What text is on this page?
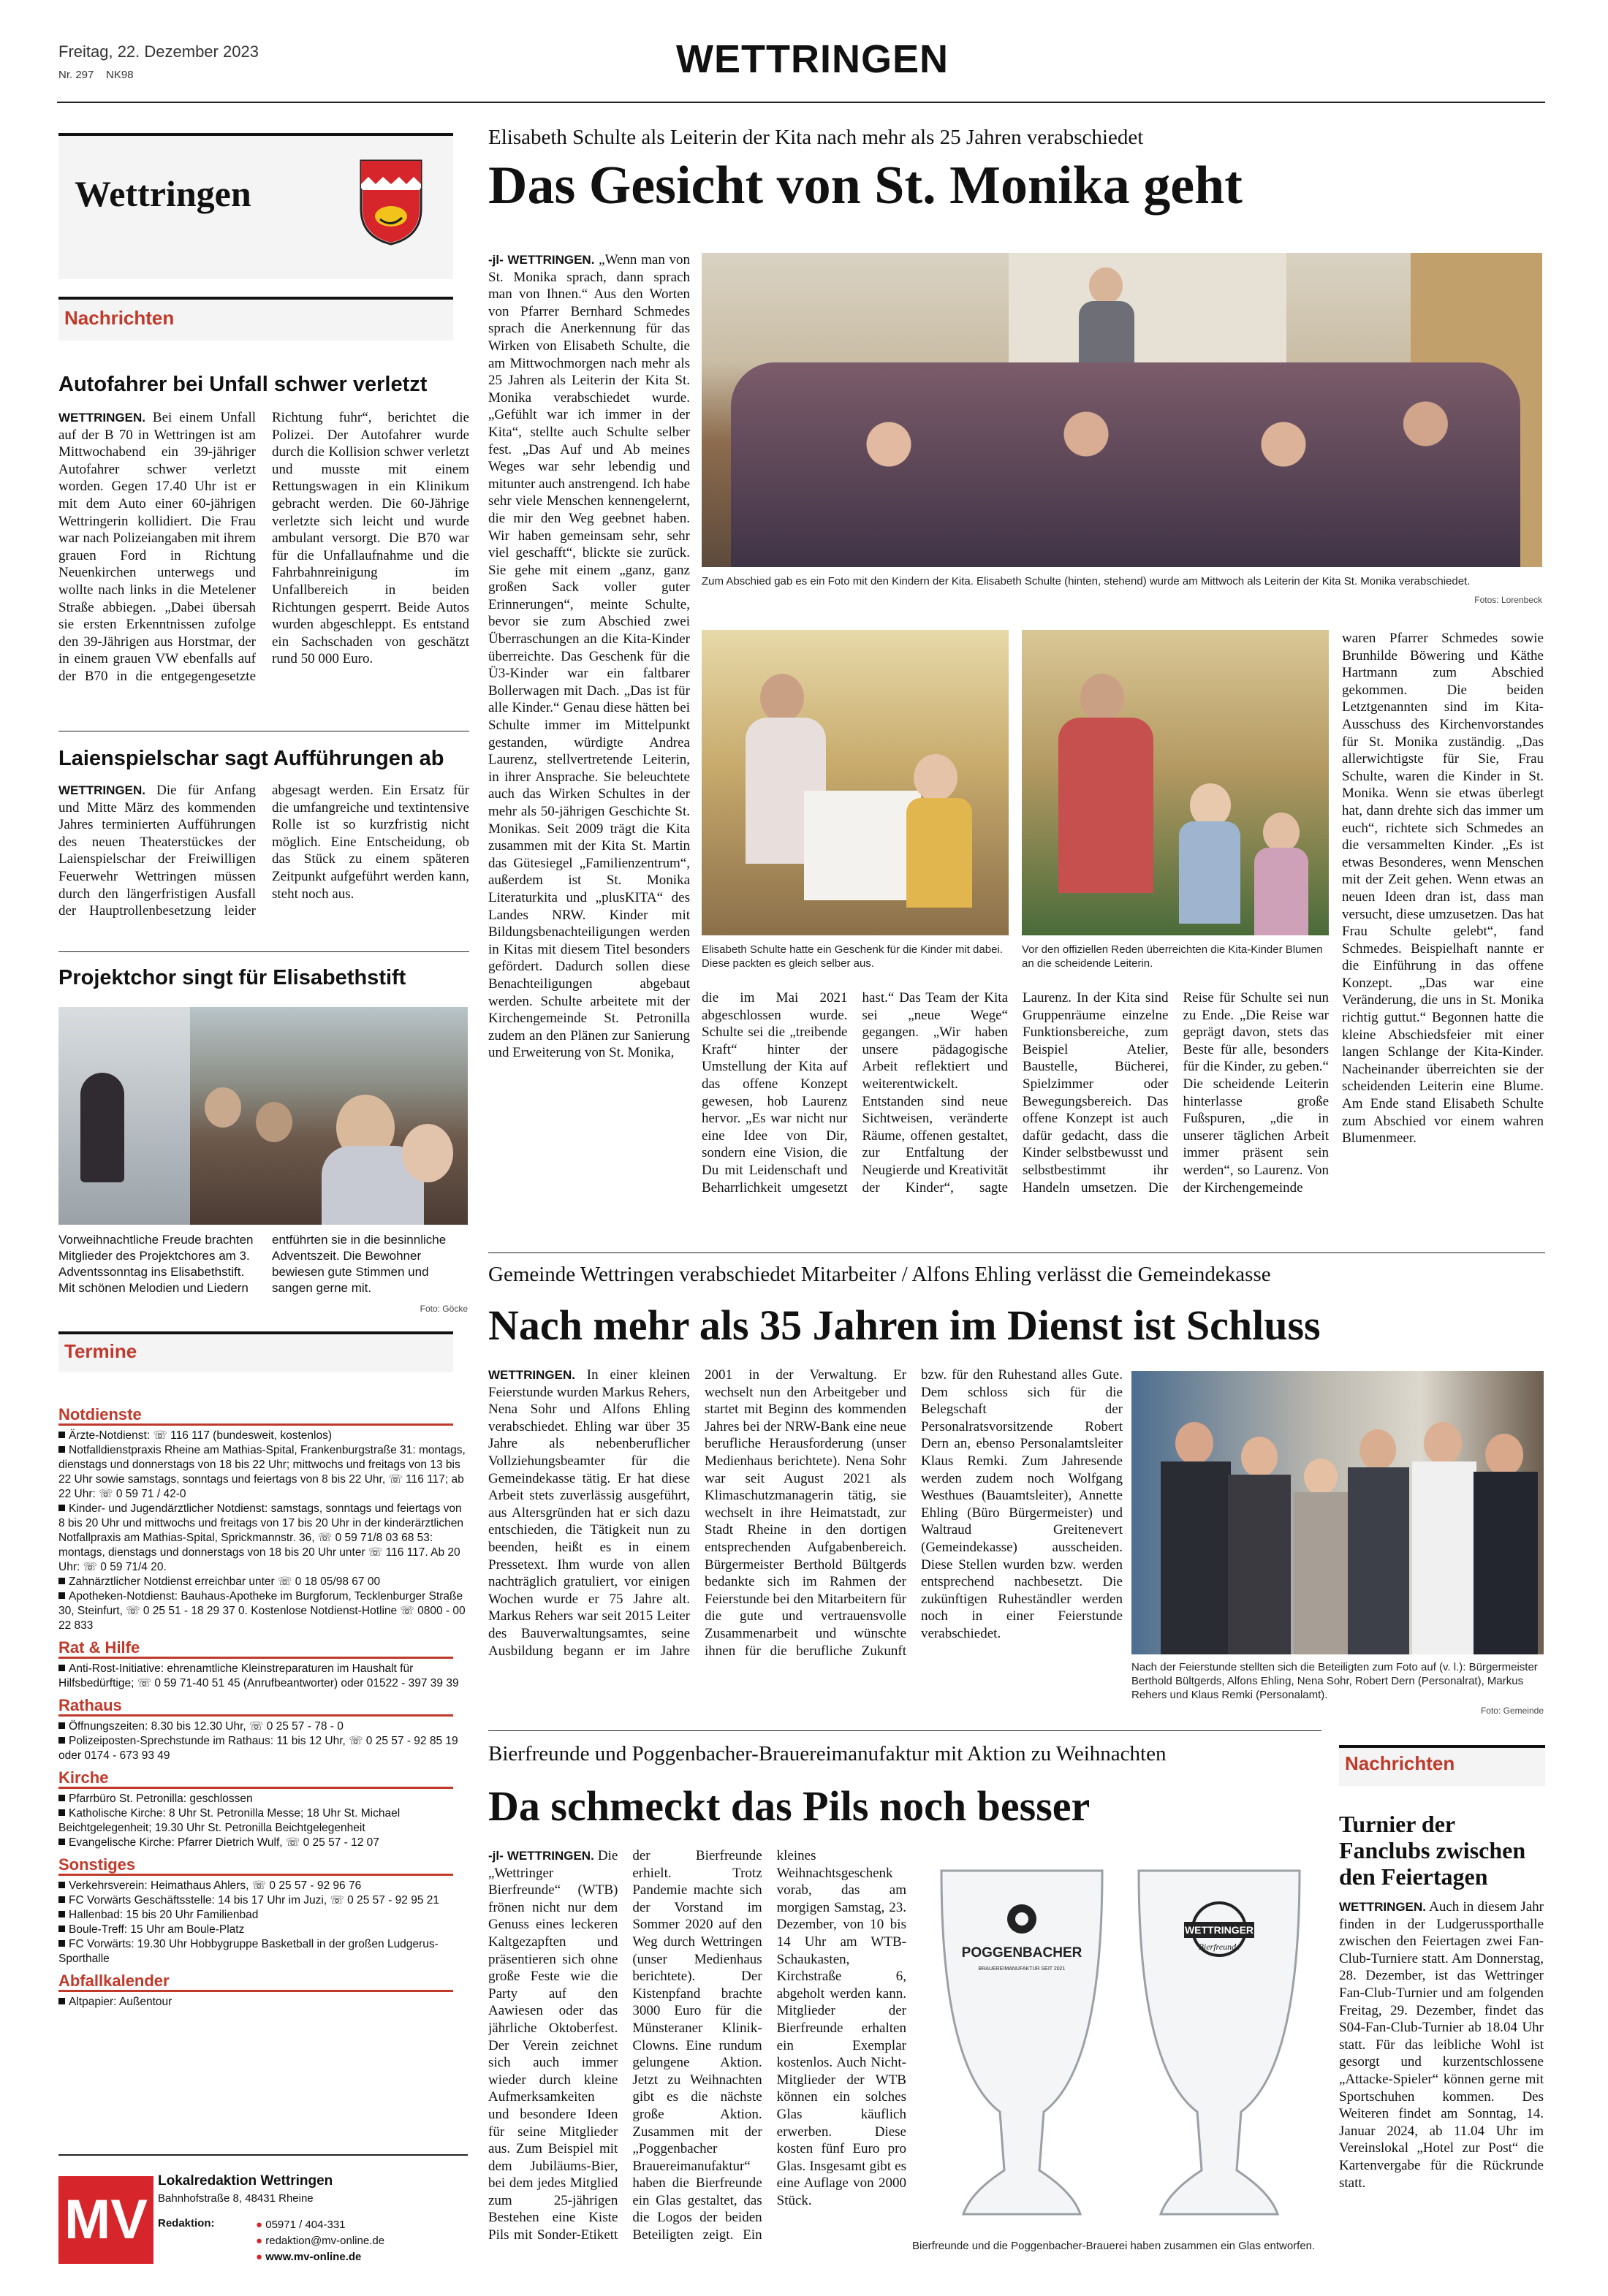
Freitag, 22. Dezember 2023
Nr. 297 NK98	WETTRINGEN
Wettringen
Nachrichten
Autofahrer bei Unfall schwer verletzt
WETTRINGEN. Bei einem Unfall auf der B 70 in Wettringen ist am Mittwochabend ein 39-jähriger Autofahrer schwer verletzt worden. Gegen 17.40 Uhr ist er mit dem Auto einer 60-jährigen Wettringerin kollidiert. Die Frau war nach Polizeiangaben mit ihrem grauen Ford in Richtung Neuenkirchen unterwegs und wollte nach links in die Metelener Straße abbiegen. „Dabei übersah sie ersten Erkenntnissen zufolge den 39-Jährigen aus Horstmar, der in einem grauen VW ebenfalls auf der B70 in die entgegengesetzte Richtung fuhr“, berichtet die Polizei. Der Autofahrer wurde durch die Kollision schwer verletzt und musste mit einem Rettungswagen in ein Klinikum gebracht werden. Die 60-Jährige verletzte sich leicht und wurde ambulant versorgt. Die B70 war für die Unfallaufnahme und die Fahrbahnreinigung im Unfallbereich in beiden Richtungen gesperrt. Beide Autos wurden abgeschleppt. Es entstand ein Sachschaden von geschätzt rund 50 000 Euro.
Laienspielschar sagt Aufführungen ab
WETTRINGEN. Die für Anfang und Mitte März des kommenden Jahres terminierten Aufführungen des neuen Theaterstückes der Laienspielschar der Freiwilligen Feuerwehr Wettringen müssen durch den längerfristigen Ausfall der Hauptrollenbesetzung leider abgesagt werden. Ein Ersatz für die umfangreiche und textintensive Rolle ist so kurzfristig nicht möglich. Eine Entscheidung, ob das Stück zu einem späteren Zeitpunkt aufgeführt werden kann, steht noch aus.
Projektchor singt für Elisabethstift
Vorweihnachtliche Freude brachten Mitglieder des Projektchores am 3. Adventssonntag ins Elisabethstift. Mit schönen Melodien und Liedern entführten sie in die besinnliche Adventszeit. Die Bewohner bewiesen gute Stimmen und sangen gerne mit.
Foto: Göcke
Termine
Notdienste
Ärzte-Notdienst: ☏ 116 117 (bundesweit, kostenlos)
Notfalldienstpraxis Rheine am Mathias-Spital, Frankenburgstraße 31: montags, dienstags und donnerstags von 18 bis 22 Uhr; mittwochs und freitags von 13 bis 22 Uhr sowie samstags, sonntags und feiertags von 8 bis 22 Uhr, ☏ 116 117; ab 22 Uhr: ☏ 0 59 71 / 42-0
Kinder- und Jugendärztlicher Notdienst: samstags, sonntags und feiertags von 8 bis 20 Uhr und mittwochs und freitags von 17 bis 20 Uhr in der kinderärztlichen Notfallpraxis am Mathias-Spital, Sprickmannstr. 36, ☏ 0 59 71/8 03 68 53: montags, dienstags und donnerstags von 18 bis 20 Uhr unter ☏ 116 117. Ab 20 Uhr: ☏ 0 59 71/4 20.
Zahnärztlicher Notdienst erreichbar unter ☏ 0 18 05/98 67 00
Apotheken-Notdienst: Bauhaus-Apotheke im Burgforum, Tecklenburger Straße 30, Steinfurt, ☏ 0 25 51 - 18 29 37 0. Kostenlose Notdienst-Hotline ☏ 0800 - 00 22 833
Rat & Hilfe
Anti-Rost-Initiative: ehrenamtliche Kleinstreparaturen im Haushalt für Hilfsbedürftige; ☏ 0 59 71-40 51 45 (Anrufbeantworter) oder 01522 - 397 39 39
Rathaus
Öffnungszeiten: 8.30 bis 12.30 Uhr, ☏ 0 25 57 - 78 - 0
Polizeiposten-Sprechstunde im Rathaus: 11 bis 12 Uhr, ☏ 0 25 57 - 92 85 19 oder 0174 - 673 93 49
Kirche
Pfarrbüro St. Petronilla: geschlossen
Katholische Kirche: 8 Uhr St. Petronilla Messe; 18 Uhr St. Michael Beichtgelegenheit; 19.30 Uhr St. Petronilla Beichtgelegenheit
Evangelische Kirche: Pfarrer Dietrich Wulf, ☏ 0 25 57 - 12 07
Sonstiges
Verkehrsverein: Heimathaus Ahlers, ☏ 0 25 57 - 92 96 76
FC Vorwärts Geschäftsstelle: 14 bis 17 Uhr im Juzi, ☏ 0 25 57 - 92 95 21
Hallenbad: 15 bis 20 Uhr Familienbad
Boule-Treff: 15 Uhr am Boule-Platz
FC Vorwärts: 19.30 Uhr Hobbygruppe Basketball in der großen Ludgerus-Sporthalle
Abfallkalender
Altpapier: Außentour
MV
Lokalredaktion Wettringen
Bahnhofstraße 8, 48431 Rheine
Redaktion:	● 05971 / 404-331
● redaktion@mv-online.de
● www.mv-online.de
Elisabeth Schulte als Leiterin der Kita nach mehr als 25 Jahren verabschiedet
Das Gesicht von St. Monika geht
-jl- WETTRINGEN. „Wenn man von St. Monika sprach, dann sprach man von Ihnen.“ Aus den Worten von Pfarrer Bernhard Schmedes sprach die Anerkennung für das Wirken von Elisabeth Schulte, die am Mittwochmorgen nach mehr als 25 Jahren als Leiterin der Kita St. Monika verabschiedet wurde. „Gefühlt war ich immer in der Kita“, stellte auch Schulte selber fest. „Das Auf und Ab meines Weges war sehr lebendig und mitunter auch anstrengend. Ich habe sehr viele Menschen kennengelernt, die mir den Weg geebnet haben. Wir haben gemeinsam sehr, sehr viel geschafft“, blickte sie zurück. Sie gehe mit einem „ganz, ganz großen Sack voller guter Erinnerungen“, meinte Schulte, bevor sie zum Abschied zwei Überraschungen an die Kita-Kinder überreichte. Das Geschenk für die Ü3-Kinder war ein faltbarer Bollerwagen mit Dach. „Das ist für alle Kinder.“ Genau diese hätten bei Schulte immer im Mittelpunkt gestanden, würdigte Andrea Laurenz, stellvertretende Leiterin, in ihrer Ansprache. Sie beleuchtete auch das Wirken Schultes in der mehr als 50-jährigen Geschichte St. Monikas. Seit 2009 trägt die Kita zusammen mit der Kita St. Martin das Gütesiegel „Familienzentrum“, außerdem ist St. Monika Literaturkita und „plusKITA“ des Landes NRW. Kinder mit Bildungsbenachteiligungen werden in Kitas mit diesem Titel besonders gefördert. Dadurch sollen diese Benachteiligungen abgebaut werden. Schulte arbeitete mit der Kirchengemeinde St. Petronilla zudem an den Plänen zur Sanierung und Erweiterung von St. Monika,
Zum Abschied gab es ein Foto mit den Kindern der Kita. Elisabeth Schulte (hinten, stehend) wurde am Mittwoch als Leiterin der Kita St. Monika verabschiedet.
Fotos: Lorenbeck
Elisabeth Schulte hatte ein Geschenk für die Kinder mit dabei. Diese packten es gleich selber aus.
Vor den offiziellen Reden überreichten die Kita-Kinder Blumen an die scheidende Leiterin.
waren Pfarrer Schmedes sowie Brunhilde Böwering und Käthe Hartmann zum Abschied gekommen. Die beiden Letztgenannten sind im Kita-Ausschuss des Kirchenvorstandes für St. Monika zuständig. „Das allerwichtigste für Sie, Frau Schulte, waren die Kinder in St. Monika. Wenn sie etwas überlegt hat, dann drehte sich das immer um euch“, richtete sich Schmedes an die versammelten Kinder. „Es ist etwas Besonderes, wenn Menschen mit der Zeit gehen. Wenn etwas an neuen Ideen dran ist, dass man versucht, diese umzusetzen. Das hat Frau Schulte gelebt“, fand Schmedes. Beispielhaft nannte er die Einführung in das offene Konzept. „Das war eine Veränderung, die uns in St. Monika richtig guttut.“ Begonnen hatte die kleine Abschiedsfeier mit einer langen Schlange der Kita-Kinder. Nacheinander überreichten sie der scheidenden Leiterin eine Blume. Am Ende stand Elisabeth Schulte zum Abschied vor einem wahren Blumenmeer.
die im Mai 2021 abgeschlossen wurde. Schulte sei die „treibende Kraft“ hinter der Umstellung der Kita auf das offene Konzept gewesen, hob Laurenz hervor. „Es war nicht nur eine Idee von Dir, sondern eine Vision, die Du mit Leidenschaft und Beharrlichkeit umgesetzt hast.“ Das Team der Kita sei „neue Wege“ gegangen. „Wir haben unsere pädagogische Arbeit reflektiert und weiterentwickelt. Entstanden sind neue Sichtweisen, veränderte Räume, offenen gestaltet, zur Entfaltung der Neugierde und Kreativität der Kinder“, sagte Laurenz. In der Kita sind Gruppenräume einzelne Funktionsbereiche, zum Beispiel Atelier, Baustelle, Bücherei, Spielzimmer oder Bewegungsbereich. Das offene Konzept ist auch dafür gedacht, dass die Kinder selbstbewusst und selbstbestimmt ihr Handeln umsetzen. Die Reise für Schulte sei nun zu Ende. „Die Reise war geprägt davon, stets das Beste für alle, besonders für die Kinder, zu geben.“ Die scheidende Leiterin hinterlasse große Fußspuren, „die in unserer täglichen Arbeit immer präsent sein werden“, so Laurenz. Von der Kirchengemeinde
Gemeinde Wettringen verabschiedet Mitarbeiter / Alfons Ehling verlässt die Gemeindekasse
Nach mehr als 35 Jahren im Dienst ist Schluss
WETTRINGEN. In einer kleinen Feierstunde wurden Markus Rehers, Nena Sohr und Alfons Ehling verabschiedet. Ehling war über 35 Jahre als nebenberuflicher Vollziehungsbeamter für die Gemeindekasse tätig. Er hat diese Arbeit stets zuverlässig ausgeführt, aus Altersgründen hat er sich dazu entschieden, die Tätigkeit nun zu beenden, heißt es in einem Pressetext. Ihm wurde von allen nachträglich gratuliert, vor einigen Wochen wurde er 75 Jahre alt. Markus Rehers war seit 2015 Leiter des Bauverwaltungsamtes, seine Ausbildung begann er im Jahre 2001 in der Verwaltung. Er wechselt nun den Arbeitgeber und startet mit Beginn des kommenden Jahres bei der NRW-Bank eine neue berufliche Herausforderung (unser Medienhaus berichtete). Nena Sohr war seit August 2021 als Klimaschutzmanagerin tätig, sie wechselt in ihre Heimatstadt, zur Stadt Rheine in den dortigen entsprechenden Aufgabenbereich. Bürgermeister Berthold Bültgerds bedankte sich im Rahmen der Feierstunde bei den Mitarbeitern für die gute und vertrauensvolle Zusammenarbeit und wünschte ihnen für die berufliche Zukunft bzw. für den Ruhestand alles Gute. Dem schloss sich für die Belegschaft der Personalratsvorsitzende Robert Dern an, ebenso Personalamtsleiter Klaus Remki. Zum Jahresende werden zudem noch Wolfgang Westhues (Bauamtsleiter), Annette Ehling (Büro Bürgermeister) und Waltraud Greitenevert (Gemeindekasse) ausscheiden. Diese Stellen wurden bzw. werden entsprechend nachbesetzt. Die zukünftigen Ruheständler werden noch in einer Feierstunde verabschiedet.
Nach der Feierstunde stellten sich die Beteiligten zum Foto auf (v. l.): Bürgermeister Berthold Bültgerds, Alfons Ehling, Nena Sohr, Robert Dern (Personalrat), Markus Rehers und Klaus Remki (Personalamt).
Foto: Gemeinde
Bierfreunde und Poggenbacher-Brauereimanufaktur mit Aktion zu Weihnachten
Da schmeckt das Pils noch besser
-jl- WETTRINGEN. Die „Wettringer Bierfreunde“ (WTB) frönen nicht nur dem Genuss eines leckeren Kaltgezapften und präsentieren sich ohne große Feste wie die Party auf den Aawiesen oder das jährliche Oktoberfest. Der Verein zeichnet sich auch immer wieder durch kleine Aufmerksamkeiten und besondere Ideen für seine Mitglieder aus. Zum Beispiel mit dem Jubiläums-Bier, bei dem jedes Mitglied zum 25-jährigen Bestehen eine Kiste Pils mit Sonder-Etikett der Bierfreunde erhielt. Trotz Pandemie machte sich der Vorstand im Sommer 2020 auf den Weg durch Wettringen (unser Medienhaus berichtete). Der Kistenpfand brachte 3000 Euro für die Münsteraner Klinik-Clowns. Eine rundum gelungene Aktion. Jetzt zu Weihnachten gibt es die nächste große Aktion. Zusammen mit der „Poggenbacher Brauereimanufaktur“ haben die Bierfreunde ein Glas gestaltet, das die Logos der beiden Beteiligten zeigt. Ein kleines Weihnachtsgeschenk vorab, das am morgigen Samstag, 23. Dezember, von 10 bis 14 Uhr am WTB-Schaukasten, Kirchstraße 6, abgeholt werden kann. Mitglieder der Bierfreunde erhalten ein Exemplar kostenlos. Auch Nicht-Mitglieder der WTB können ein solches Glas käuflich erwerben. Diese kosten fünf Euro pro Glas. Insgesamt gibt es eine Auflage von 2000 Stück.
POGGENBACHER
BRAUEREIMANUFAKTUR SEIT 2021
WETTRINGER
Bierfreunde
Bierfreunde und die Poggenbacher-Brauerei haben zusammen ein Glas entworfen.
Nachrichten
Turnier der Fanclubs zwischen den Feiertagen
WETTRINGEN. Auch in diesem Jahr finden in der Ludgerussporthalle zwischen den Feiertagen zwei Fan-Club-Turniere statt. Am Donnerstag, 28. Dezember, ist das Wettringer Fan-Club-Turnier und am folgenden Freitag, 29. Dezember, findet das S04-Fan-Club-Turnier ab 18.04 Uhr statt. Für das leibliche Wohl ist gesorgt und kurzentschlossene „Attacke-Spieler“ können gerne mit Sportschuhen kommen. Des Weiteren findet am Sonntag, 14. Januar 2024, ab 11.04 Uhr im Vereinslokal „Hotel zur Post“ die Kartenvergabe für die Rückrunde statt.
